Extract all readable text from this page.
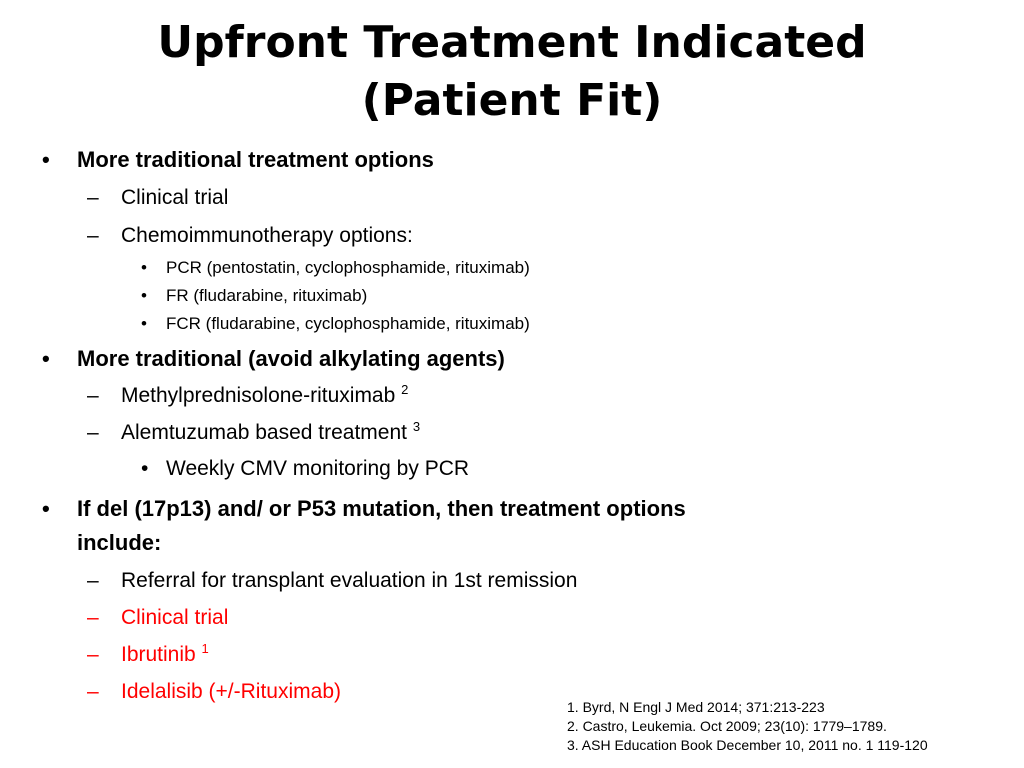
Upfront Treatment Indicated
(Patient Fit)
• More traditional treatment options
– Clinical trial
– Chemoimmunotherapy options:
• PCR (pentostatin, cyclophosphamide, rituximab)
• FR (fludarabine, rituximab)
• FCR (fludarabine, cyclophosphamide, rituximab)
• More traditional (avoid alkylating agents)
– Methylprednisolone-rituximab $^2$
– Alemtuzumab based treatment $^3$
• Weekly CMV monitoring by PCR
• If del (17p13) and/ or P53 mutation, then treatment options
include:
– Referral for transplant evaluation in 1st remission
– Clinical trial
– Ibrutinib $^1$
– Idelalisib (+/-Rituximab)
1. Byrd, N Engl J Med 2014; 371:213-223
2. Castro, Leukemia. Oct 2009; 23(10): 1779–1789.
3. ASH Education Book December 10, 2011 no. 1 119-120
